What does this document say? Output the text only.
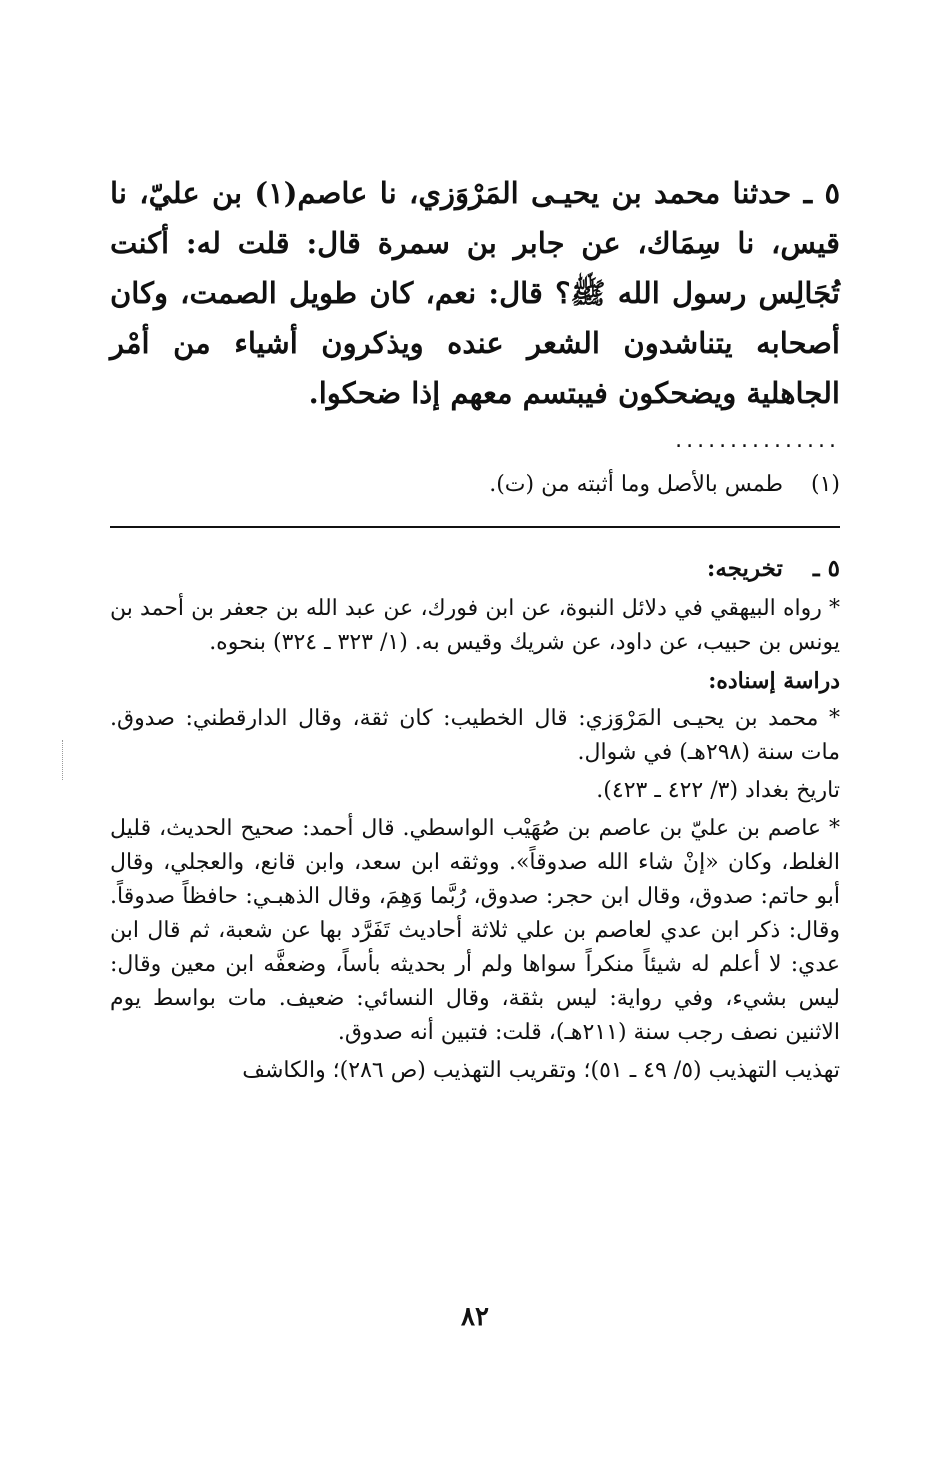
٥ ـ حدثنا محمد بن يحيـى المَرْوَزي، نا عاصم(١) بن عليّ، نا قيس، نا سِمَاك، عن جابر بن سمرة قال: قلت له: أكنت تُجَالِس رسول الله ﷺ؟ قال: نعم، كان طويل الصمت، وكان أصحابه يتناشدون الشعر عنده ويذكرون أشياء من أمْر الجاهلية ويضحكون فيبتسم معهم إذا ضحكوا.

...............
(١)
طمس بالأصل وما أثبته من (ت).

٥ ـ
تخريجه:

* رواه البيهقي في دلائل النبوة، عن ابن فورك، عن عبد الله بن جعفر بن أحمد بن يونس بن حبيب، عن داود، عن شريك وقيس به. (١/ ٣٢٣ ـ ٣٢٤) بنحوه.

دراسة إسناده:

* محمد بن يحيـى المَرْوَزي: قال الخطيب: كان ثقة، وقال الدارقطني: صدوق. مات سنة (٢٩٨هـ) في شوال.

تاريخ بغداد (٣/ ٤٢٢ ـ ٤٢٣).

* عاصم بن عليّ بن عاصم بن صُهَيْب الواسطي. قال أحمد: صحيح الحديث، قليل الغلط، وكان «إنْ شاء الله صدوقاً». ووثقه ابن سعد، وابن قانع، والعجلي، وقال أبو حاتم: صدوق، وقال ابن حجر: صدوق، رُبَّما وَهِمَ، وقال الذهبـي: حافظاً صدوقاً. وقال: ذكر ابن عدي لعاصم بن علي ثلاثة أحاديث تَفَرَّد بها عن شعبة، ثم قال ابن عدي: لا أعلم له شيئاً منكراً سواها ولم أر بحديثه بأساً، وضعفَّه ابن معين وقال: ليس بشيء، وفي رواية: ليس بثقة، وقال النسائي: ضعيف. مات بواسط يوم الاثنين نصف رجب سنة (٢١١هـ)، قلت: فتبين أنه صدوق.

تهذيب التهذيب (٥/ ٤٩ ـ ٥١)؛ وتقريب التهذيب (ص ٢٨٦)؛ والكاشف

٨٢
